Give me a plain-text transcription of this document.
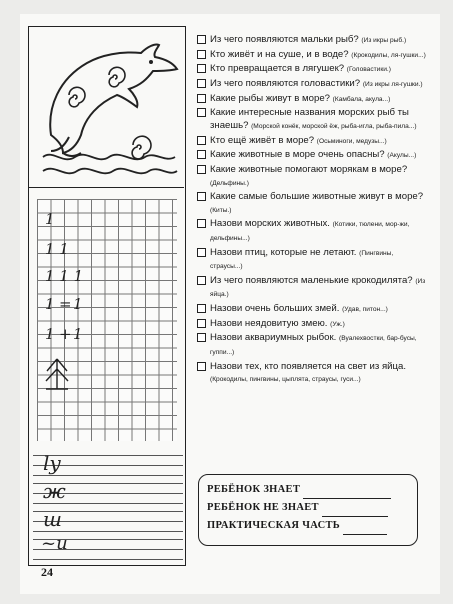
1
1 1
1 1 1
1 = 1
1 + 1
ly
ж
ш
~и
Из чего появляются мальки рыб? (Из икры рыб.)
Кто живёт и на суше, и в воде? (Крокодилы, ля-гушки...)
Кто превращается в лягушек? (Головастики.)
Из чего появляются головастики? (Из икры ля-гушки.)
Какие рыбы живут в море? (Камбала, акула...)
Какие интересные названия морских рыб ты знаешь? (Морской конёк, морской ёж, рыба-игла, рыба-пила...)
Кто ещё живёт в море? (Осьминоги, медузы...)
Какие животные в море очень опасны? (Акулы...)
Какие животные помогают морякам в море? (Дельфины.)
Какие самые большие животные живут в море? (Киты.)
Назови морских животных. (Котики, тюлени, мор-жи, дельфины...)
Назови птиц, которые не летают. (Пингвины, страусы...)
Из чего появляются маленькие крокодилята? (Из яйца.)
Назови очень больших змей. (Удав, питон...)
Назови неядовитую змею. (Уж.)
Назови аквариумных рыбок. (Вуалехвостки, бар-бусы, гуппи...)
Назови тех, кто появляется на свет из яйца. (Крокодилы, пингвины, цыплята, страусы, гуси...)
РЕБЁНОК ЗНАЕТ
РЕБЁНОК НЕ ЗНАЕТ
ПРАКТИЧЕСКАЯ ЧАСТЬ
24
